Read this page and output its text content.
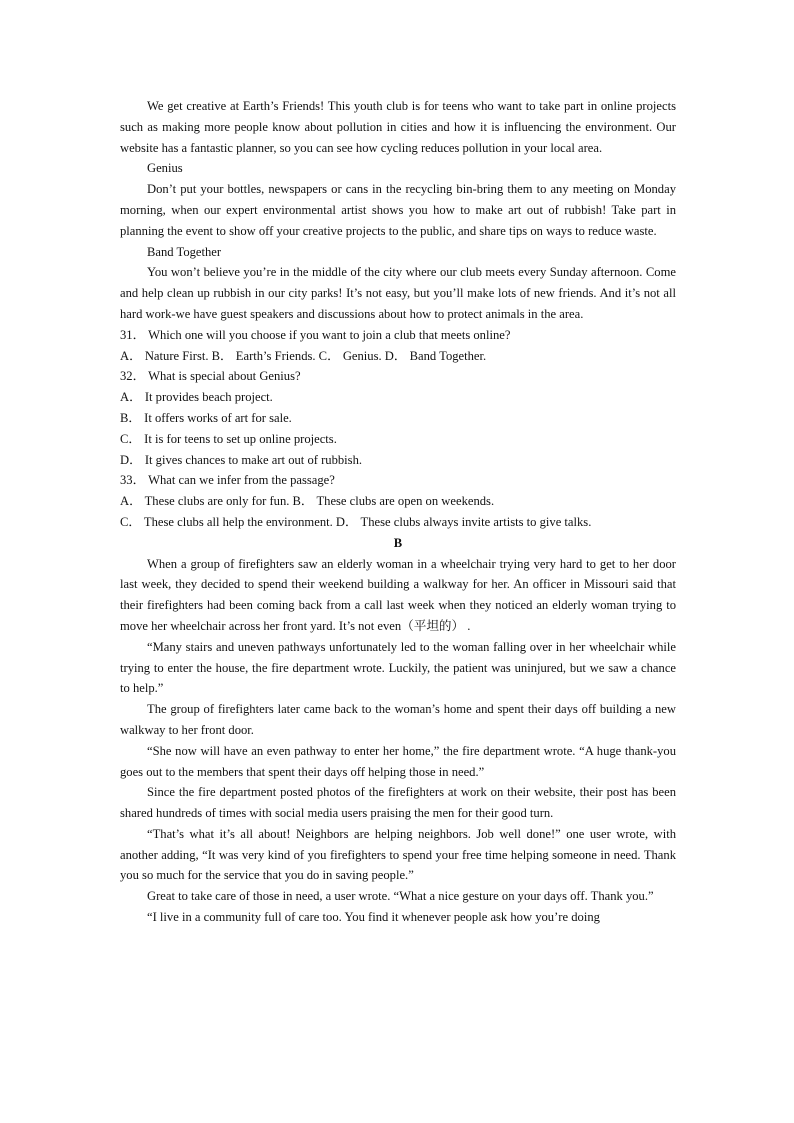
We get creative at Earth’s Friends! This youth club is for teens who want to take part in online projects such as making more people know about pollution in cities and how it is influencing the environment. Our website has a fantastic planner, so you can see how cycling reduces pollution in your local area.

Genius

Don’t put your bottles, newspapers or cans in the recycling bin-bring them to any meeting on Monday morning, when our expert environmental artist shows you how to make art out of rubbish! Take part in planning the event to show off your creative projects to the public, and share tips on ways to reduce waste.

Band Together

You won’t believe you’re in the middle of the city where our club meets every Sunday afternoon. Come and help clean up rubbish in our city parks! It’s not easy, but you’ll make lots of new friends. And it’s not all hard work-we have guest speakers and discussions about how to protect animals in the area.

31． Which one will you choose if you want to join a club that meets online?

A． Nature First. B． Earth’s Friends. C． Genius. D． Band Together.

32． What is special about Genius?

A． It provides beach project.

B． It offers works of art for sale.

C． It is for teens to set up online projects.

D． It gives chances to make art out of rubbish.

33． What can we infer from the passage?

A． These clubs are only for fun. B． These clubs are open on weekends.

C． These clubs all help the environment. D． These clubs always invite artists to give talks.

B

When a group of firefighters saw an elderly woman in a wheelchair trying very hard to get to her door last week, they decided to spend their weekend building a walkway for her. An officer in Missouri said that their firefighters had been coming back from a call last week when they noticed an elderly woman trying to move her wheelchair across her front yard. It’s not even（平坦的） .

“Many stairs and uneven pathways unfortunately led to the woman falling over in her wheelchair while trying to enter the house, the fire department wrote. Luckily, the patient was uninjured, but we saw a chance to help.”

The group of firefighters later came back to the woman’s home and spent their days off building a new walkway to her front door.

“She now will have an even pathway to enter her home,” the fire department wrote. “A huge thank-you goes out to the members that spent their days off helping those in need.”

Since the fire department posted photos of the firefighters at work on their website, their post has been shared hundreds of times with social media users praising the men for their good turn.

“That’s what it’s all about! Neighbors are helping neighbors. Job well done!” one user wrote, with another adding, “It was very kind of you firefighters to spend your free time helping someone in need. Thank you so much for the service that you do in saving people.”

Great to take care of those in need, a user wrote. “What a nice gesture on your days off. Thank you.”

“I live in a community full of care too. You find it whenever people ask how you’re doing
